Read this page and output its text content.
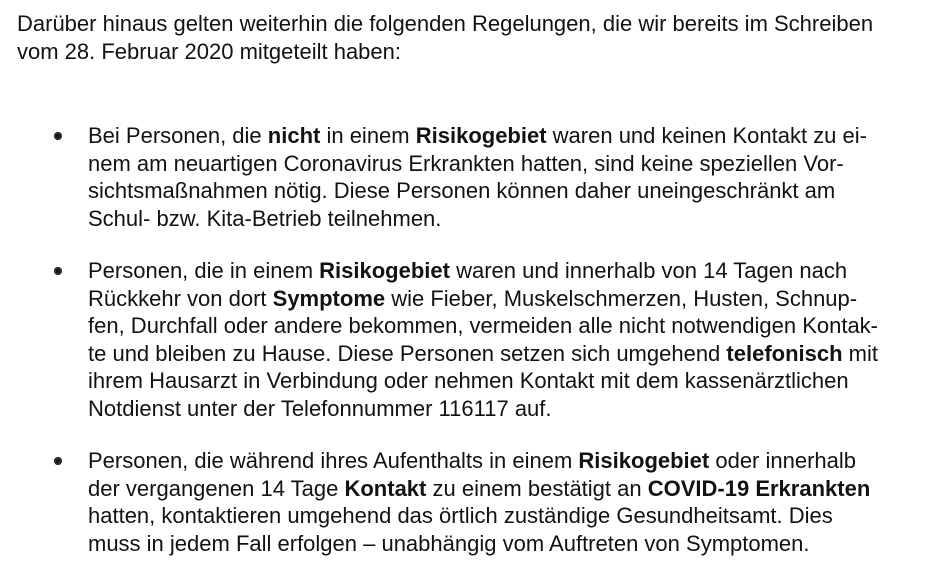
Darüber hinaus gelten weiterhin die folgenden Regelungen, die wir bereits im Schreiben
vom 28. Februar 2020 mitgeteilt haben:
Bei Personen, die nicht in einem Risikogebiet waren und keinen Kontakt zu ei-
nem am neuartigen Coronavirus Erkrankten hatten, sind keine speziellen Vor-
sichtsmaßnahmen nötig. Diese Personen können daher uneingeschränkt am
Schul- bzw. Kita-Betrieb teilnehmen.
Personen, die in einem Risikogebiet waren und innerhalb von 14 Tagen nach
Rückkehr von dort Symptome wie Fieber, Muskelschmerzen, Husten, Schnup-
fen, Durchfall oder andere bekommen, vermeiden alle nicht notwendigen Kontak-
te und bleiben zu Hause. Diese Personen setzen sich umgehend telefonisch mit
ihrem Hausarzt in Verbindung oder nehmen Kontakt mit dem kassenärztlichen
Notdienst unter der Telefonnummer 116117 auf.
Personen, die während ihres Aufenthalts in einem Risikogebiet oder innerhalb
der vergangenen 14 Tage Kontakt zu einem bestätigt an COVID-19 Erkrankten
hatten, kontaktieren umgehend das örtlich zuständige Gesundheitsamt. Dies
muss in jedem Fall erfolgen – unabhängig vom Auftreten von Symptomen.
